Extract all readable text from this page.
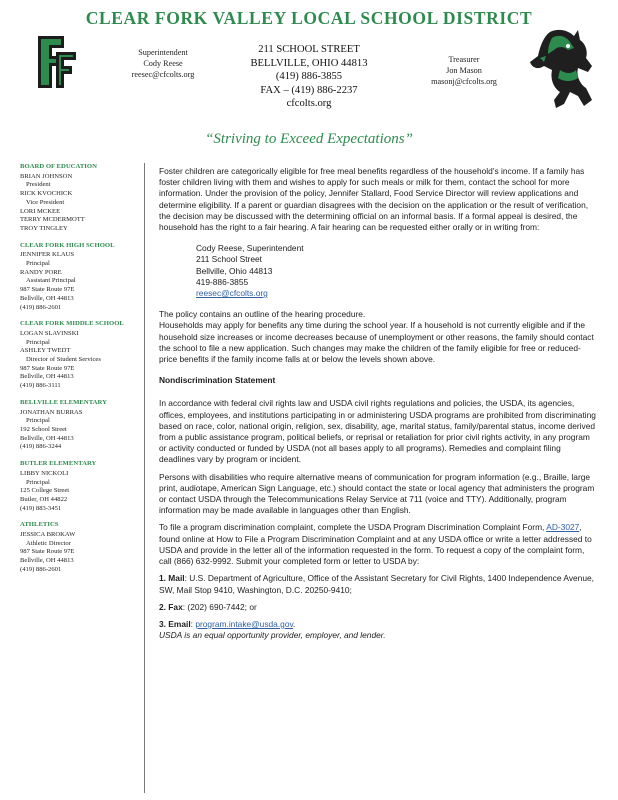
CLEAR FORK VALLEY LOCAL SCHOOL DISTRICT
Superintendent
Cody Reese
reesec@cfcolts.org
211 SCHOOL STREET
BELLVILLE, OHIO 44813
(419) 886-3855
FAX – (419) 886-2237
cfcolts.org
Treasurer
Jon Mason
masonj@cfcolts.org
“Striving to Exceed Expectations”
BOARD OF EDUCATION
BRIAN JOHNSON
President
RICK KVOCHICK
Vice President
LORI MCKEE
TERRY MCDERMOTT
TROY TINGLEY
CLEAR FORK HIGH SCHOOL
JENNIFER KLAUS
Principal
RANDY PORE
Assistant Principal
987 State Route 97E
Bellville, OH 44813
(419) 886-2601
CLEAR FORK MIDDLE SCHOOL
LOGAN SLAVINSKI
Principal
ASHLEY TWEDT
Director of Student Services
987 State Route 97E
Bellville, OH 44813
(419) 886-3111
BELLVILLE ELEMENTARY
JONATHAN BURRAS
Principal
192 School Street
Bellville, OH 44813
(419) 886-3244
BUTLER ELEMENTARY
LIBBY NICKOLI
Principal
125 College Street
Butler, OH 44822
(419) 883-3451
ATHLETICS
JESSICA BROKAW
Athletic Director
987 State Route 97E
Bellville, OH 44813
(419) 886-2601

Foster children are categorically eligible for free meal benefits regardless of the household’s income. If a family has foster children living with them and wishes to apply for such meals or milk for them, contact the school for more information. Under the provision of the policy, Jennifer Stallard, Food Service Director will review applications and determine eligibility. If a parent or guardian disagrees with the decision on the application or the result of verification, the decision may be discussed with the determining official on an informal basis. If a formal appeal is desired, the household has the right to a fair hearing. A fair hearing can be requested either orally or in writing from:

Cody Reese, Superintendent
211 School Street
Bellville, Ohio 44813
419-886-3855
reesec@cfcolts.org

The policy contains an outline of the hearing procedure.

Households may apply for benefits any time during the school year. If a household is not currently eligible and if the household size increases or income decreases because of unemployment or other reasons, the family should contact the school to file a new application. Such changes may make the children of the family eligible for free or reduced-price benefits if the family income falls at or below the levels shown above.

Nondiscrimination Statement

In accordance with federal civil rights law and USDA civil rights regulations and policies, the USDA, its agencies, offices, employees, and institutions participating in or administering USDA programs are prohibited from discriminating based on race, color, national origin, religion, sex, disability, age, marital status, family/parental status, income derived from a public assistance program, political beliefs, or reprisal or retaliation for prior civil rights activity, in any program or activity conducted or funded by USDA (not all bases apply to all programs). Remedies and complaint filing deadlines vary by program or incident.

Persons with disabilities who require alternative means of communication for program information (e.g., Braille, large print, audiotape, American Sign Language, etc.) should contact the state or local agency that administers the program or contact USDA through the Telecommunications Relay Service at 711 (voice and TTY). Additionally, program information may be made available in languages other than English.

To file a program discrimination complaint, complete the USDA Program Discrimination Complaint Form, AD-3027, found online at How to File a Program Discrimination Complaint and at any USDA office or write a letter addressed to USDA and provide in the letter all of the information requested in the form. To request a copy of the complaint form, call (866) 632-9992. Submit your completed form or letter to USDA by:

1. Mail: U.S. Department of Agriculture, Office of the Assistant Secretary for Civil Rights, 1400 Independence Avenue, SW, Mail Stop 9410, Washington, D.C. 20250-9410;

2. Fax: (202) 690-7442; or

3. Email: program.intake@usda.gov.

USDA is an equal opportunity provider, employer, and lender.
